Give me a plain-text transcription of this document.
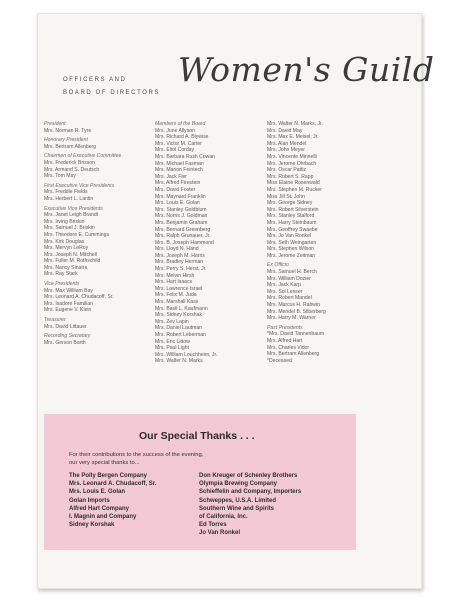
OFFICERS AND
BOARD OF DIRECTORS
Women's Guild
President
Mrs. Norman R. Tyre
Honorary President
Mrs. Bertram Allenberg
Chairmen of Executive Committee
Mrs. Frederick Brisson
Mrs. Armand S. Deutsch
Mrs. Tom May
First Executive Vice Presidents
Mrs. Freddie Fields
Mrs. Herbert L. Lantin
Executive Vice Presidents
Mrs. Janet Leigh Brandt
Mrs. Irving Briskin
Mrs. Samuel J. Briskin
Mrs. Theodore E. Cummings
Mrs. Kirk Douglas
Mrs. Mervyn LeRoy
Mrs. Joseph N. Mitchell
Mrs. Fuller M. Rothschild
Mrs. Nancy Sinatra
Mrs. Ray Stark
Vice Presidents
Mrs. Max William Bay
Mrs. Leonard A. Chudacoff, Sr.
Mrs. Isadore Familian
Mrs. Eugene V. Klein
Treasurer
Mrs. David Littauer
Recording Secretary
Mrs. Gerson Barth
Members of the Board
Mrs. June Allyson
Mrs. Richard A. Blywise
Mrs. Victor M. Carter
Mrs. Eliot Corday
Mrs. Barbara Rush Cowan
Mrs. Michael Fasman
Mrs. Marion Feintech
Mrs. Jack Fier
Mrs. Alfred Firestein
Mrs. David Foster
Mrs. Maynard Franklin
Mrs. Louis E. Golan
Mrs. Stanley Goldblum
Mrs. Norris J. Goldman
Mrs. Benjamin Graham
Mrs. Bernard Greenberg
Mrs. Ralph Grunauer, Jr.
Mrs. B. Joseph Hammond
Mrs. Lloyd N. Hand
Mrs. Joseph M. Harris
Mrs. Bradley Herman
Mrs. Perry S. Herst, Jr.
Mrs. Melvin Hirsh
Mrs. Hart Isaacs
Mrs. Lawrence Israel
Mrs. Felix M. Juda
Mrs. Marshall Kass
Mrs. Basil L. Kaufmann
Mrs. Sidney Korshak
Mrs. Zev Lapin
Mrs. Daniel Lautman
Mrs. Robert Leberman
Mrs. Eric Lidow
Mrs. Paul Light
Mrs. William Louchheim, Jr.
Mrs. Walter N. Marks
Mrs. Walter N. Marks, Jr.
Mrs. David May
Mrs. Max E. Meisel, Jr.
Mrs. Alan Mendel
Mrs. John Meyer
Mrs. Vincente Minnelli
Mrs. Jerome Ohrbach
Mrs. Oscar Pattiz
Mrs. Robert S. Rapp
Miss Elaine Rosenwald
Mrs. Stephen M. Rucker
Miss Jill St. John
Mrs. George Sidney
Mrs. Robert Silverstein
Mrs. Stanley Stalford
Mrs. Harry Steinbaum
Mrs. Geoffrey Swaebe
Mrs. Jo Van Ronkel
Mrs. Seth Weingarten
Mrs. Stephen Wilson
Mrs. Jerome Zeitman
Ex Officio
Mrs. Samuel H. Berch
Mrs. William Dozier
Mrs. Jack Karp
Mrs. Sol Lesser
Mrs. Robert Mandel
Mrs. Marcus H. Rabwin
Mrs. Mendel B. Silberberg
Mrs. Harry M. Warner
Past Presidents
*Mrs. David Tannenbaum
Mrs. Alfred Hart
Mrs. Charles Vidor
Mrs. Bertram Allenberg
*Deceased
Our Special Thanks . . .
For their contributions to the success of the evening,
our very special thanks to...
The Polly Bergen Company
Mrs. Leonard A. Chudacoff, Sr.
Mrs. Louis E. Golan
Golan Imports
Alfred Hart Company
I. Magnin and Company
Sidney Korshak
Don Kreuger of Schenley Brothers
Olympia Brewing Company
Schieffelin and Company, Importers
Schweppes, U.S.A. Limited
Southern Wine and Spirits
of California, Inc.
Ed Torres
Jo Van Ronkel
